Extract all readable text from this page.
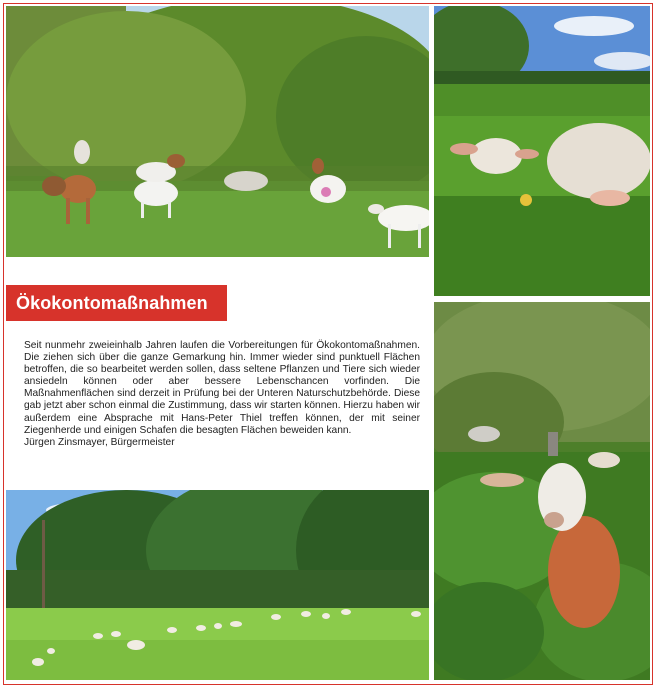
Ökokontomaßnahmen

Seit nunmehr zweieinhalb Jahren laufen die Vorbereitungen für Ökokontomaßnahmen. Die ziehen sich über die ganze Gemarkung hin. Immer wieder sind punktuell Flächen betroffen, die so bearbeitet werden sollen, dass seltene Pflanzen und Tiere sich wieder ansiedeln können oder aber bessere Lebenschancen vorfinden. Die Maßnahmenflächen sind derzeit in Prüfung bei der Unteren Naturschutzbehörde. Diese gab jetzt aber schon einmal die Zustimmung, dass wir starten können. Hierzu haben wir außerdem eine Absprache mit Hans-Peter Thiel treffen können, der mit seiner Ziegenherde und einigen Schafen die besagten Flächen beweiden kann.

Jürgen Zinsmayer, Bürgermeister
